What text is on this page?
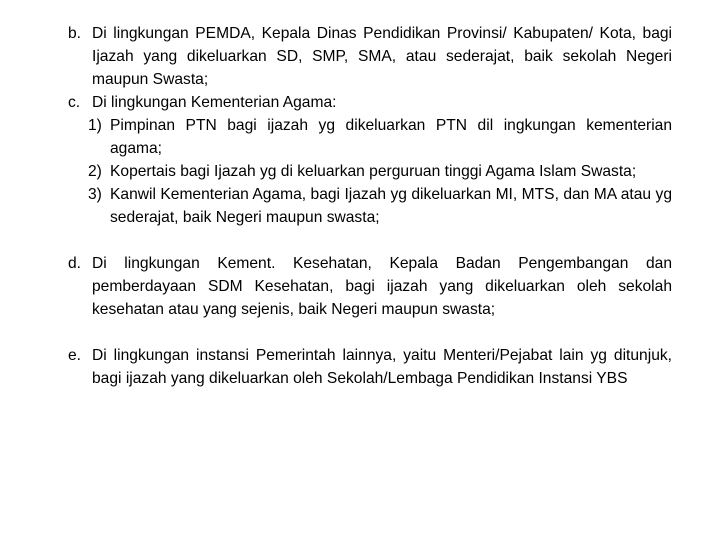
b. Di lingkungan PEMDA, Kepala Dinas Pendidikan Provinsi/ Kabupaten/ Kota, bagi Ijazah yang dikeluarkan SD, SMP, SMA, atau sederajat, baik sekolah Negeri maupun Swasta;
c. Di lingkungan Kementerian Agama:
1) Pimpinan PTN bagi ijazah yg dikeluarkan PTN dil ingkungan kementerian agama;
2) Kopertais bagi Ijazah yg di keluarkan perguruan tinggi Agama Islam Swasta;
3) Kanwil Kementerian Agama, bagi Ijazah yg dikeluarkan MI, MTS, dan MA atau yg sederajat, baik Negeri maupun swasta;
d. Di lingkungan Kement. Kesehatan, Kepala Badan Pengembangan dan pemberdayaan SDM Kesehatan, bagi ijazah yang dikeluarkan oleh sekolah kesehatan atau yang sejenis, baik Negeri maupun swasta;
e. Di lingkungan instansi Pemerintah lainnya, yaitu Menteri/Pejabat lain yg ditunjuk, bagi ijazah yang dikeluarkan oleh Sekolah/Lembaga Pendidikan Instansi YBS
